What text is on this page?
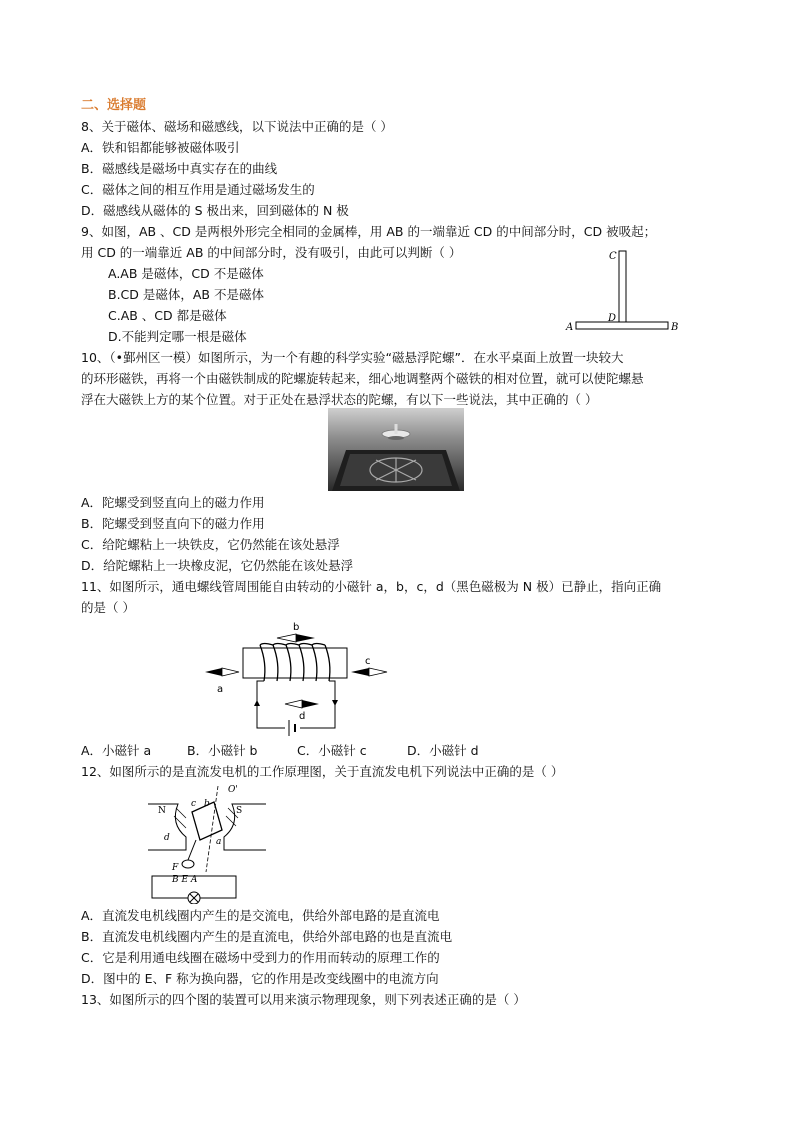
二、选择题
8、关于磁体、磁场和磁感线，以下说法中正确的是（ ）
A．铁和铝都能够被磁体吸引
B．磁感线是磁场中真实存在的曲线
C．磁体之间的相互作用是通过磁场发生的
D．磁感线从磁体的 S 极出来，回到磁体的 N 极
9、如图，AB 、CD 是两根外形完全相同的金属棒，用 AB 的一端靠近 CD 的中间部分时，CD 被吸起；
用 CD 的一端靠近 AB 的中间部分时，没有吸引，由此可以判断（ ）
A.AB 是磁体，CD 不是磁体
B.CD 是磁体，AB 不是磁体
C.AB 、CD 都是磁体
D.不能判定哪一根是磁体
C
D
A	B
10、（•鄞州区一模）如图所示，为一个有趣的科学实验“磁悬浮陀螺”．在水平桌面上放置一块较大
的环形磁铁，再将一个由磁铁制成的陀螺旋转起来，细心地调整两个磁铁的相对位置，就可以使陀螺悬
浮在大磁铁上方的某个位置。对于正处在悬浮状态的陀螺，有以下一些说法，其中正确的（ ）
A．陀螺受到竖直向上的磁力作用
B．陀螺受到竖直向下的磁力作用
C．给陀螺粘上一块铁皮，它仍然能在该处悬浮
D．给陀螺粘上一块橡皮泥，它仍然能在该处悬浮
11、如图所示，通电螺线管周围能自由转动的小磁针 a，b，c，d（黑色磁极为 N 极）已静止，指向正确
的是（ ）
b
c
a
d
A．小磁针 a	B．小磁针 b	C．小磁针 c	D．小磁针 d
12、如图所示的是直流发电机的工作原理图，关于直流发电机下列说法中正确的是（ ）
N	S
O'
c
d	a
b
F
B E A
A．直流发电机线圈内产生的是交流电，供给外部电路的是直流电
B．直流发电机线圈内产生的是直流电，供给外部电路的也是直流电
C．它是利用通电线圈在磁场中受到力的作用而转动的原理工作的
D．图中的 E、F 称为换向器，它的作用是改变线圈中的电流方向
13、如图所示的四个图的装置可以用来演示物理现象，则下列表述正确的是（ ）
